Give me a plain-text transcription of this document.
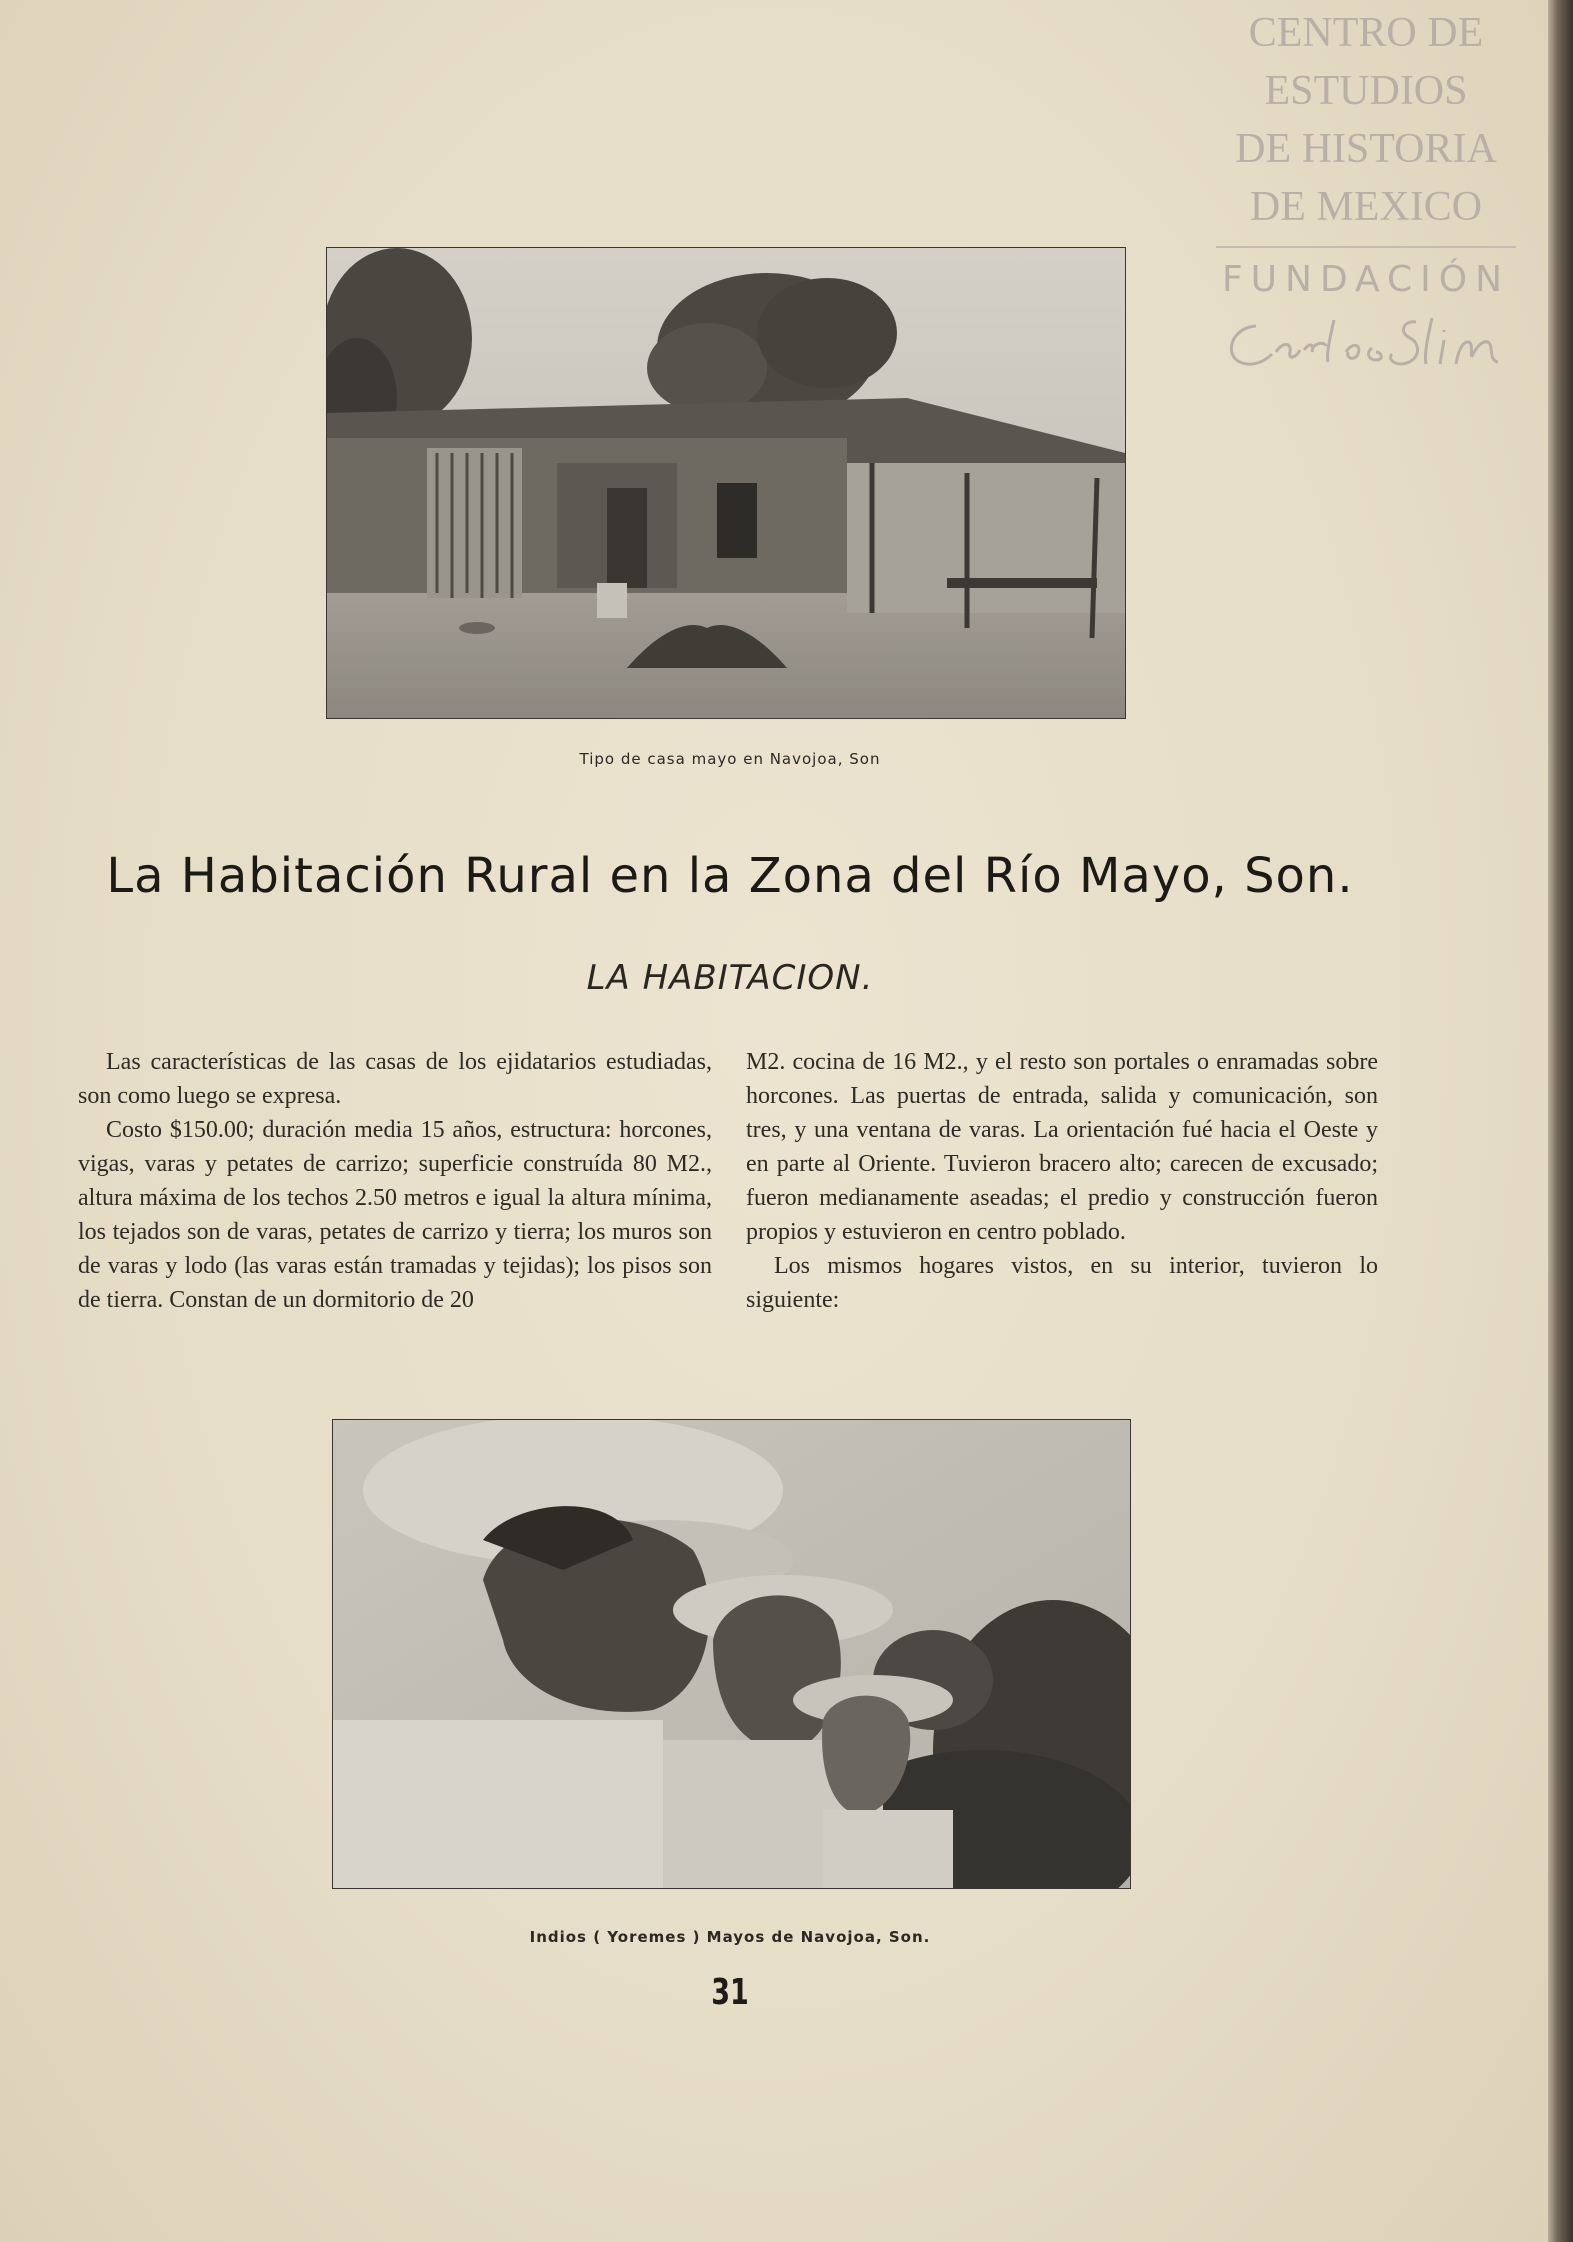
CENTRO DE
ESTUDIOS
DE HISTORIA
DE MEXICO
FUNDACIÓN
Tipo de casa mayo en Navojoa, Son
La Habitación Rural en la Zona del Río Mayo, Son.
LA HABITACION.

Las características de las casas de los ejidatarios estudiadas, son como luego se expresa.

Costo $150.00; duración media 15 años, estructura: horcones, vigas, varas y petates de carrizo; superficie construída 80 M2., altura máxima de los techos 2.50 metros e igual la altura mínima, los tejados son de varas, petates de carrizo y tierra; los muros son de varas y lodo (las varas están tramadas y tejidas); los pisos son de tierra. Constan de un dormitorio de 20

M2. cocina de 16 M2., y el resto son portales o enramadas sobre horcones. Las puertas de entrada, salida y comunicación, son tres, y una ventana de varas. La orientación fué hacia el Oeste y en parte al Oriente. Tuvieron bracero alto; carecen de excusado; fueron medianamente aseadas; el predio y construcción fueron propios y estuvieron en centro poblado.

Los mismos hogares vistos, en su interior, tuvieron lo siguiente:

Indios ( Yoremes ) Mayos de Navojoa, Son.
31
